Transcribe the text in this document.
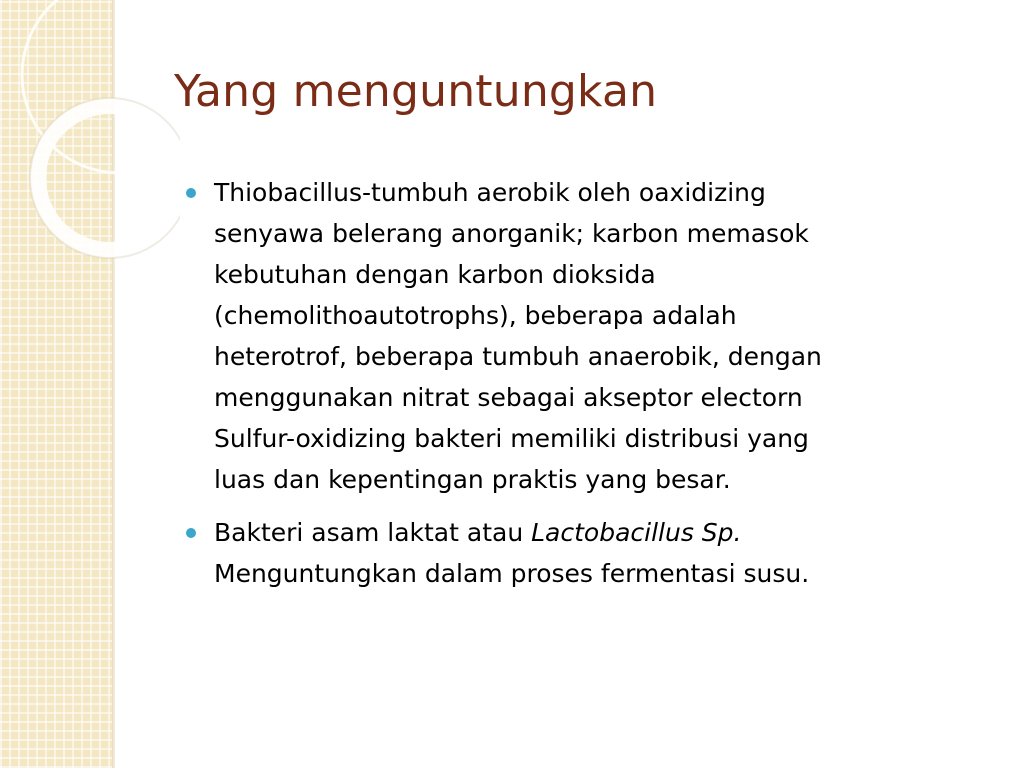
Yang menguntungkan
Thiobacillus-tumbuh aerobik oleh oaxidizing
senyawa belerang anorganik; karbon memasok
kebutuhan dengan karbon dioksida
(chemolithoautotrophs), beberapa adalah
heterotrof, beberapa tumbuh anaerobik, dengan
menggunakan nitrat sebagai akseptor electorn
Sulfur-oxidizing bakteri memiliki distribusi yang
luas dan kepentingan praktis yang besar.
Bakteri asam laktat atau Lactobacillus Sp.
Menguntungkan dalam proses fermentasi susu.
